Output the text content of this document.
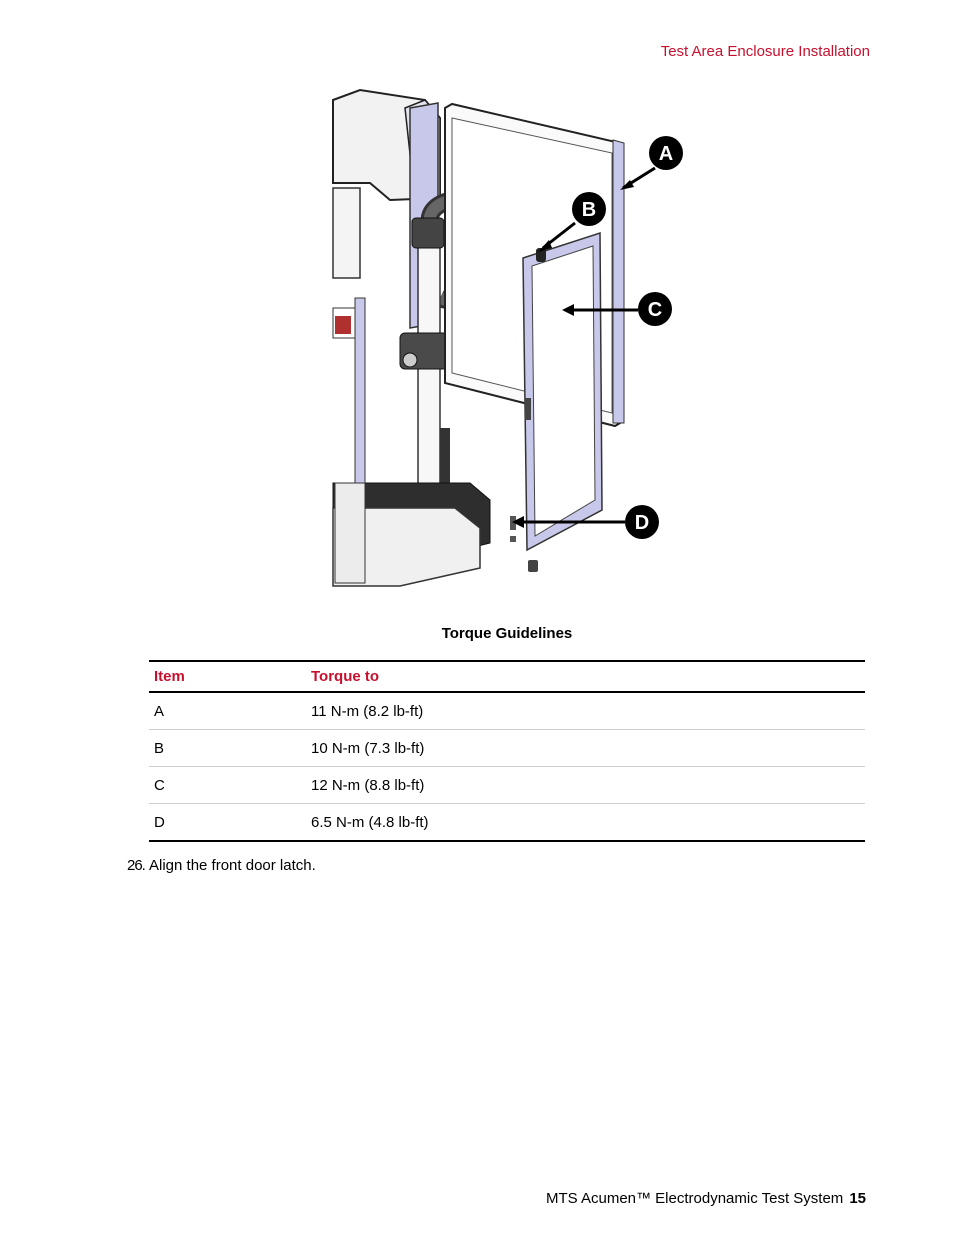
Test Area Enclosure Installation
A
B
C
D
Torque Guidelines
Item	Torque to
A	11 N-m (8.2 lb-ft)
B	10 N-m (7.3 lb-ft)
C	12 N-m (8.8 lb-ft)
D	6.5 N-m (4.8 lb-ft)
26. Align the front door latch.
MTS Acumen™ Electrodynamic Test System 15
